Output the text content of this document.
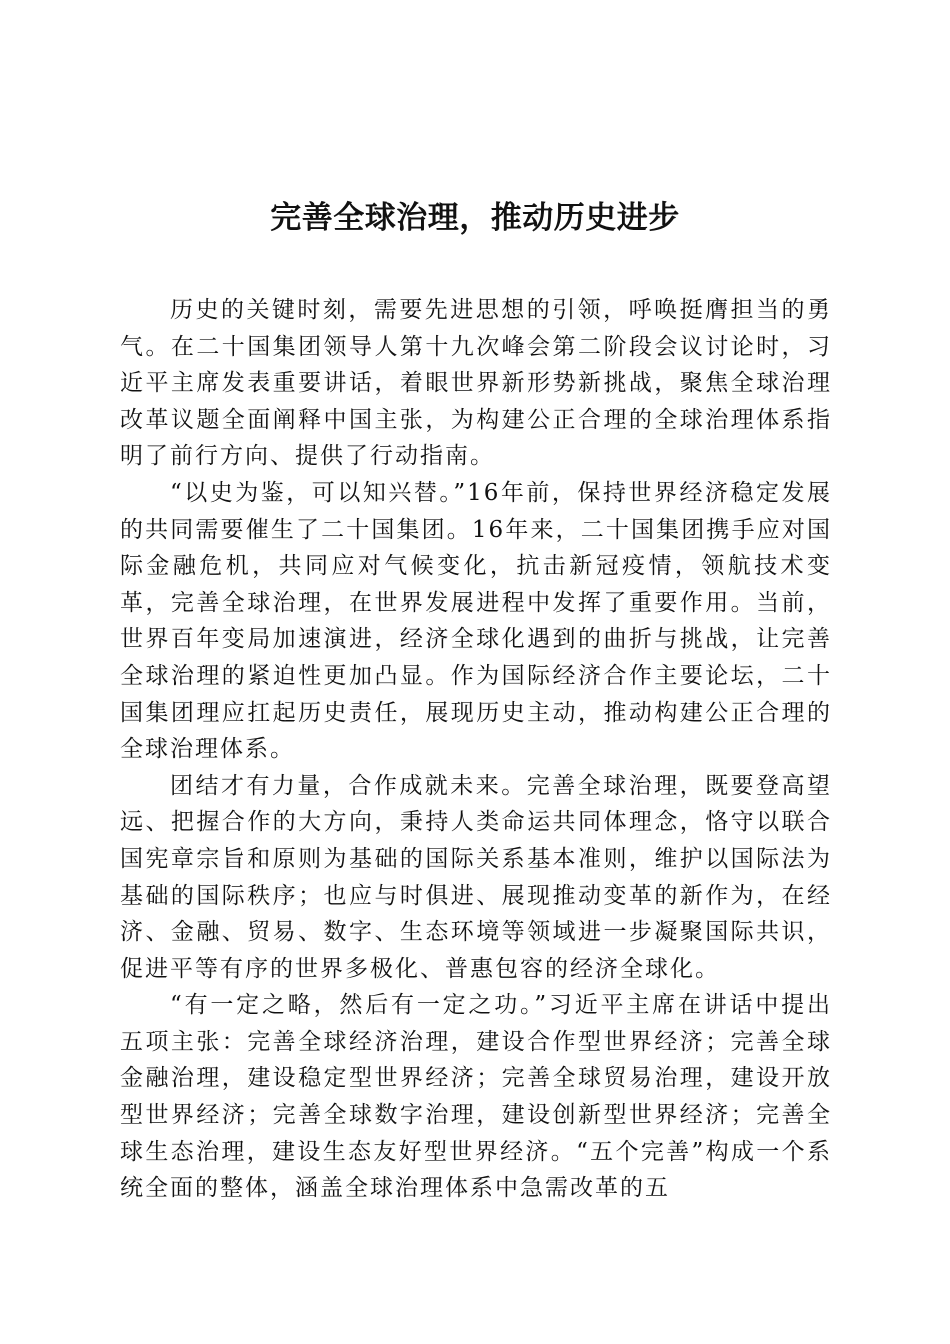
完善全球治理，推动历史进步

历史的关键时刻，需要先进思想的引领，呼唤挺膺担当的勇气。在二十国集团领导人第十九次峰会第二阶段会议讨论时，习近平主席发表重要讲话，着眼世界新形势新挑战，聚焦全球治理改革议题全面阐释中国主张，为构建公正合理的全球治理体系指明了前行方向、提供了行动指南。

“以史为鉴，可以知兴替。”16年前，保持世界经济稳定发展的共同需要催生了二十国集团。16年来，二十国集团携手应对国际金融危机，共同应对气候变化，抗击新冠疫情，领航技术变革，完善全球治理，在世界发展进程中发挥了重要作用。当前，世界百年变局加速演进，经济全球化遇到的曲折与挑战，让完善全球治理的紧迫性更加凸显。作为国际经济合作主要论坛，二十国集团理应扛起历史责任，展现历史主动，推动构建公正合理的全球治理体系。

团结才有力量，合作成就未来。完善全球治理，既要登高望远、把握合作的大方向，秉持人类命运共同体理念，恪守以联合国宪章宗旨和原则为基础的国际关系基本准则，维护以国际法为基础的国际秩序；也应与时俱进、展现推动变革的新作为，在经济、金融、贸易、数字、生态环境等领域进一步凝聚国际共识，促进平等有序的世界多极化、普惠包容的经济全球化。

“有一定之略，然后有一定之功。”习近平主席在讲话中提出五项主张：完善全球经济治理，建设合作型世界经济；完善全球金融治理，建设稳定型世界经济；完善全球贸易治理，建设开放型世界经济；完善全球数字治理，建设创新型世界经济；完善全球生态治理，建设生态友好型世界经济。“五个完善”构成一个系统全面的整体，涵盖全球治理体系中急需改革的五
